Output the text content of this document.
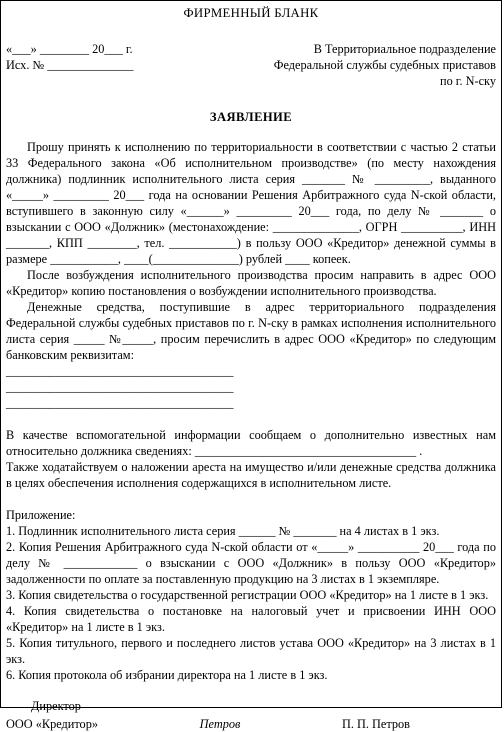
ФИРМЕННЫЙ БЛАНК
«___» ________ 20___ г.
Исх. № ______________
В Территориальное подразделение
Федеральной службы судебных приставов
по г. N-ску
ЗАЯВЛЕНИЕ

Прошу принять к исполнению по территориальности в соответствии с частью 2 статьи 33 Федерального закона «Об исполнительном производстве» (по месту нахождения должника) подлинник исполнительного листа серия _______ № _________, выданного «_____» _________ 20___ года на основании Решения Арбитражного суда N-ской области, вступившего в законную силу «______» _________ 20___ года, по делу № _______ о взыскании с ООО «Должник» (местонахождение: ______________, ОГРН __________, ИНН _______, КПП ________, тел. ___________) в пользу ООО «Кредитор» денежной суммы в размере ___________, ____(______________) рублей ____ копеек.

После возбуждения исполнительного производства просим направить в адрес ООО «Кредитор» копию постановления о возбуждении исполнительного производства.

Денежные средства, поступившие в адрес территориального подразделения Федеральной службы судебных приставов по г. N-ску в рамках исполнения исполнительного листа серия _____ №_____, просим перечислить в адрес ООО «Кредитор» по следующим банковским реквизитам:

_____________________________________

_____________________________________

_____________________________________

В качестве вспомогательной информации сообщаем о дополнительно известных нам относительно должника сведениях: ____________________________________ .

Также ходатайствуем о наложении ареста на имущество и/или денежные средства должника в целях обеспечения исполнения содержащихся в исполнительном листе.

Приложение:

1. Подлинник исполнительного листа серия ______ № _______ на 4 листах в 1 экз.

2. Копия Решения Арбитражного суда N-ской области от «_____» __________ 20___ года по делу № ____________ о взыскании с ООО «Должник» в пользу ООО «Кредитор» задолженности по оплате за поставленную продукцию на 3 листах в 1 экземпляре.

3. Копия свидетельства о государственной регистрации ООО «Кредитор» на 1 листе в 1 экз.

4. Копия свидетельства о постановке на налоговый учет и присвоении ИНН ООО «Кредитор» на 1 листе в 1 экз.

5. Копия титульного, первого и последнего листов устава ООО «Кредитор» на 3 листах в 1 экз.

6. Копия протокола об избрании директора на 1 листе в 1 экз.

Директор
ООО «Кредитор»	Петров	П. П. Петров
